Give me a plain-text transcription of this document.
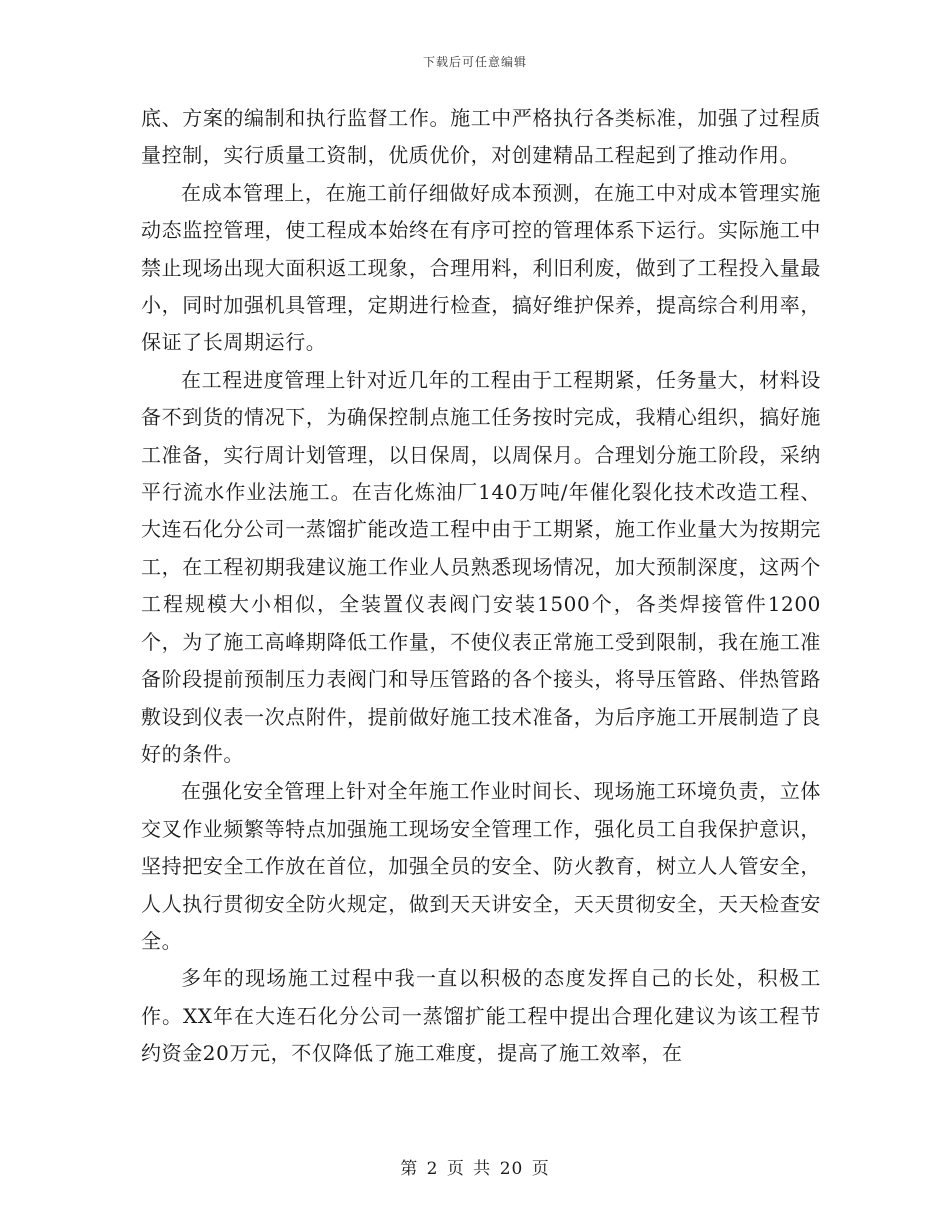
下载后可任意编辑

底、方案的编制和执行监督工作。施工中严格执行各类标准，加强了过程质量控制，实行质量工资制，优质优价，对创建精品工程起到了推动作用。

在成本管理上，在施工前仔细做好成本预测，在施工中对成本管理实施动态监控管理，使工程成本始终在有序可控的管理体系下运行。实际施工中禁止现场出现大面积返工现象，合理用料，利旧利废，做到了工程投入量最小，同时加强机具管理，定期进行检查，搞好维护保养，提高综合利用率，保证了长周期运行。

在工程进度管理上针对近几年的工程由于工程期紧，任务量大，材料设备不到货的情况下，为确保控制点施工任务按时完成，我精心组织，搞好施工准备，实行周计划管理，以日保周，以周保月。合理划分施工阶段，采纳平行流水作业法施工。在吉化炼油厂140万吨/年催化裂化技术改造工程、大连石化分公司一蒸馏扩能改造工程中由于工期紧，施工作业量大为按期完工，在工程初期我建议施工作业人员熟悉现场情况，加大预制深度，这两个工程规模大小相似，全装置仪表阀门安装1500个，各类焊接管件1200个，为了施工高峰期降低工作量，不使仪表正常施工受到限制，我在施工准备阶段提前预制压力表阀门和导压管路的各个接头，将导压管路、伴热管路敷设到仪表一次点附件，提前做好施工技术准备，为后序施工开展制造了良好的条件。

在强化安全管理上针对全年施工作业时间长、现场施工环境负责，立体交叉作业频繁等特点加强施工现场安全管理工作，强化员工自我保护意识，坚持把安全工作放在首位，加强全员的安全、防火教育，树立人人管安全，人人执行贯彻安全防火规定，做到天天讲安全，天天贯彻安全，天天检查安全。

多年的现场施工过程中我一直以积极的态度发挥自己的长处，积极工作。XX年在大连石化分公司一蒸馏扩能工程中提出合理化建议为该工程节约资金20万元，不仅降低了施工难度，提高了施工效率，在

第 2 页 共 20 页
